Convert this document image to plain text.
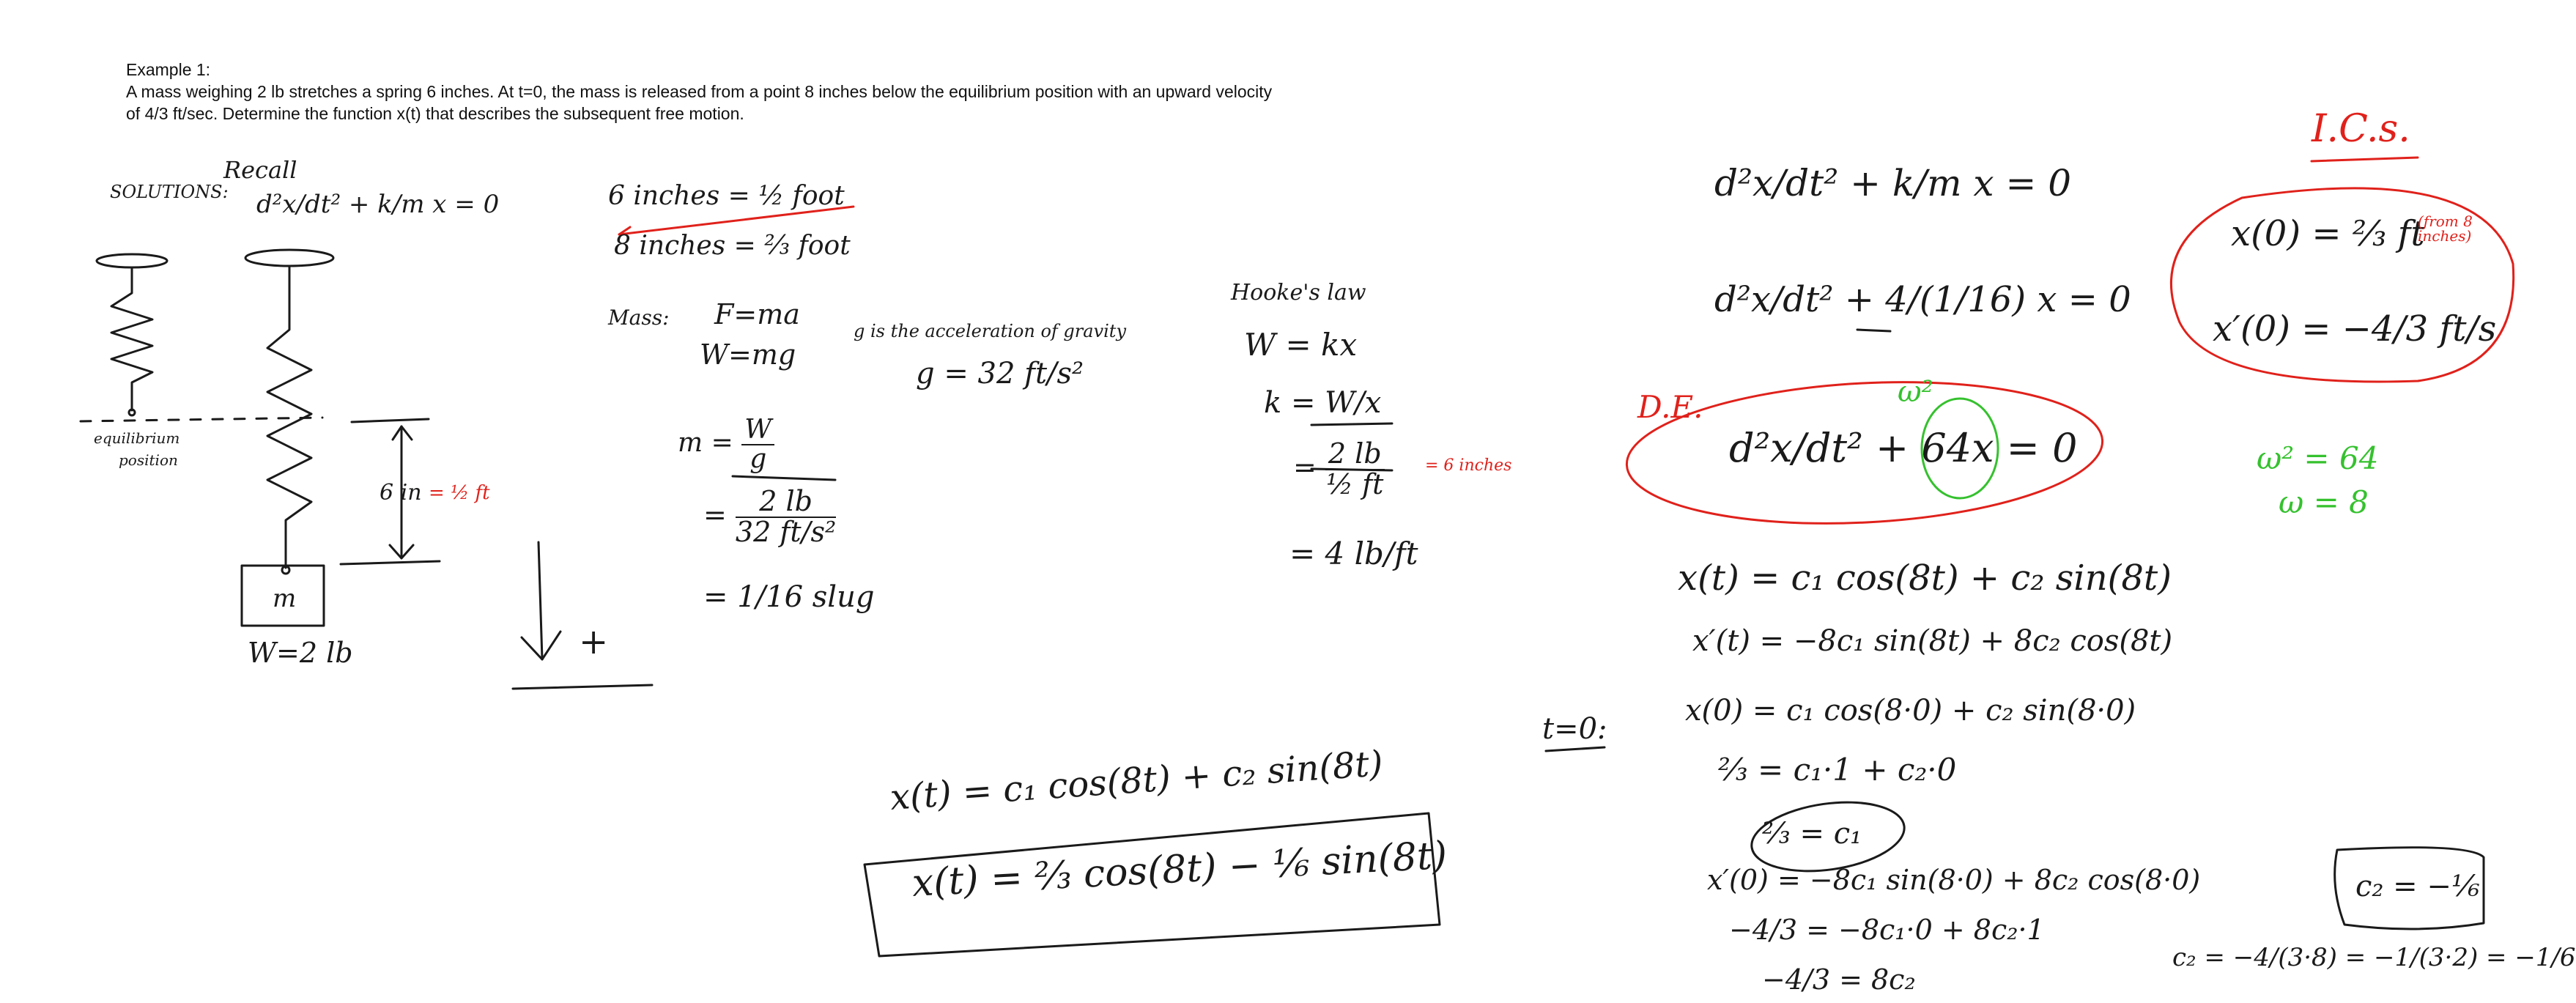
Example 1:
A mass weighing 2 lb stretches a spring 6 inches. At t=0, the mass is released from a point 8 inches below the equilibrium position with an upward velocity
of 4/3 ft/sec. Determine the function x(t) that describes the subsequent free motion.
SOLUTIONS:
Recall
d²x/dt² + k/m x = 0
equilibrium
position
6 in = ½ ft
m
W=2 lb	+
6 inches = ½ foot
8 inches = ⅔ foot
Mass: F=ma
W=mg
g is the acceleration of gravity
g = 32 ft/s²
$m = \frac{W}{g}$
= $\frac{2 lb}{\text{32 ft/s²}}$
= 1/16 slug
Hooke's law
W = kx
k = W/x
= $\frac{2 lb}{\text{½ ft}}$	= 6 inches
= 4 lb/ft
x(t) = c₁ cos(8t) + c₂ sin(8t)
x(t) = ⅔ cos(8t) − ⅙ sin(8t)
d²x/dt² + k/m x = 0
d²x/dt² + 4/(1/16) x = 0
D.E.	ω²
d²x/dt² + 64x = 0
I.C.s.
x(0) = ⅔ ft
(from 8 inches)
x′(0) = −4/3 ft/s
ω² = 64
ω = 8
x(t) = c₁ cos(8t) + c₂ sin(8t)
x′(t) = −8c₁ sin(8t) + 8c₂ cos(8t)
t=0:
x(0) = c₁ cos(8·0) + c₂ sin(8·0)
⅔ = c₁·1 + c₂·0
⅔ = c₁
x′(0) = −8c₁ sin(8·0) + 8c₂ cos(8·0)
−4/3 = −8c₁·0 + 8c₂·1
−4/3 = 8c₂
c₂ = −⅙
c₂ = −4/(3·8) = −1/(3·2) = −1/6
